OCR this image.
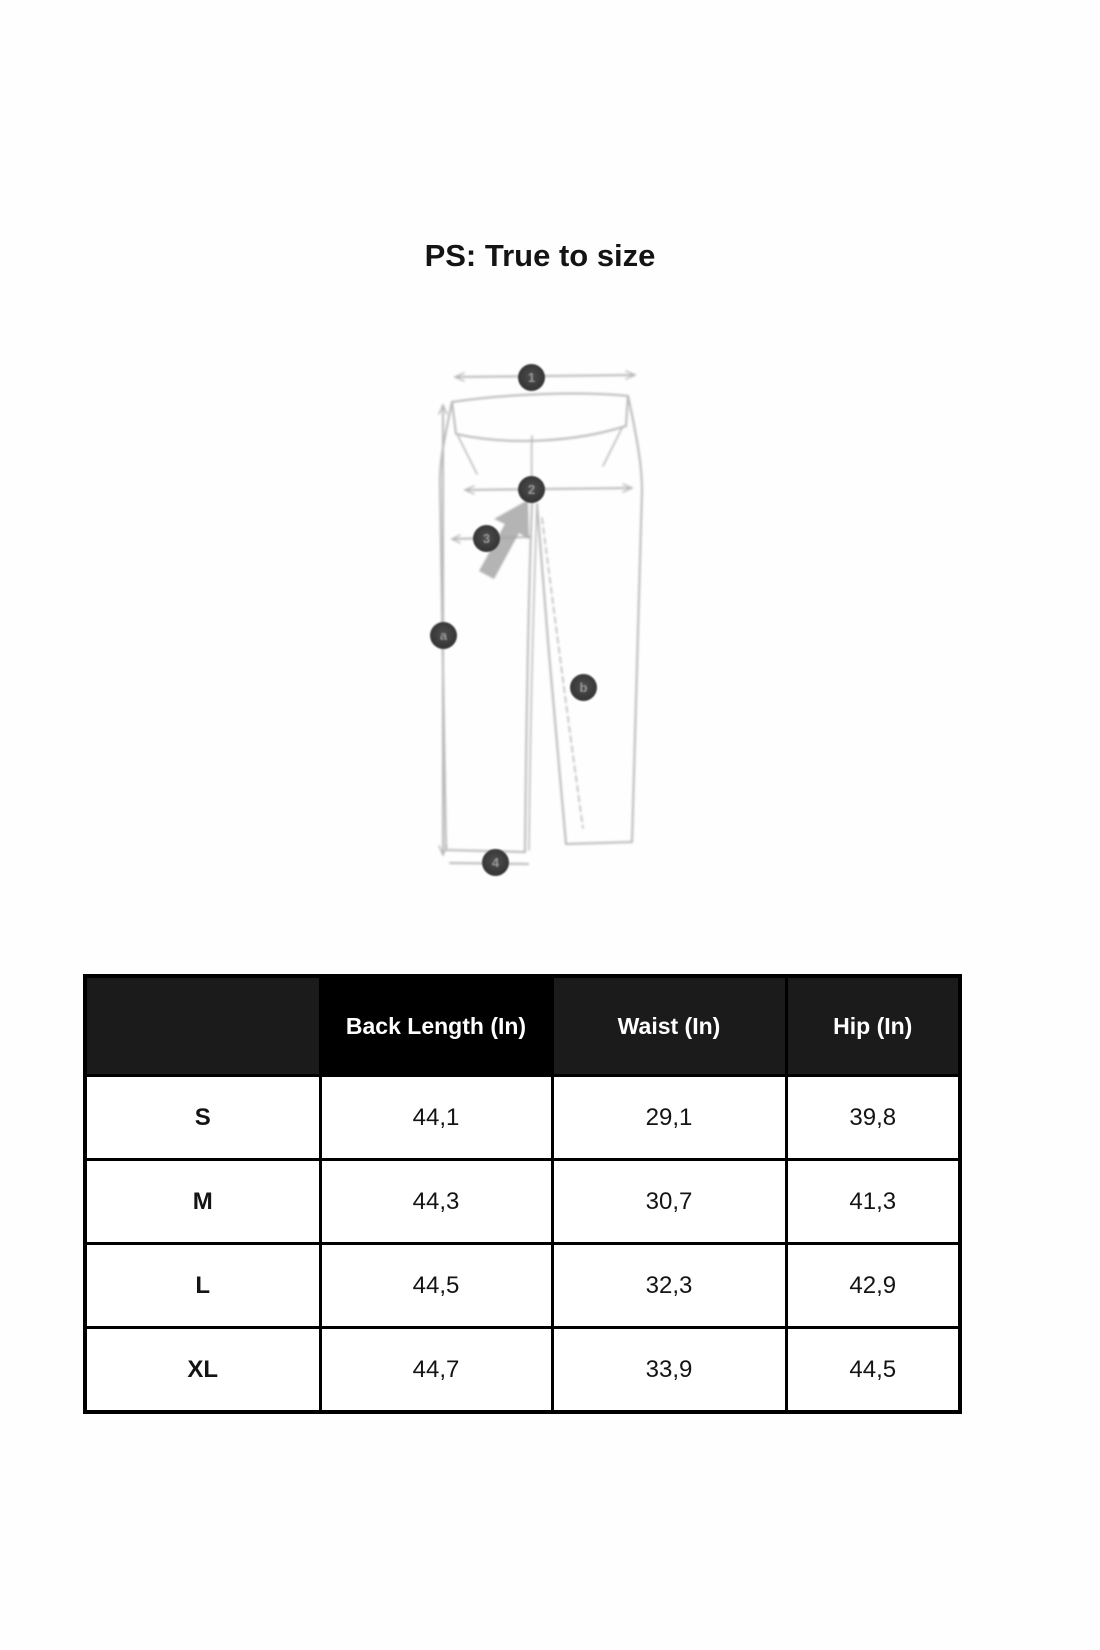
PS: True to size
1
2
3
a
b
4
	Back Length (In)	Waist (In)	Hip (In)
S	44,1	29,1	39,8
M	44,3	30,7	41,3
L	44,5	32,3	42,9
XL	44,7	33,9	44,5
